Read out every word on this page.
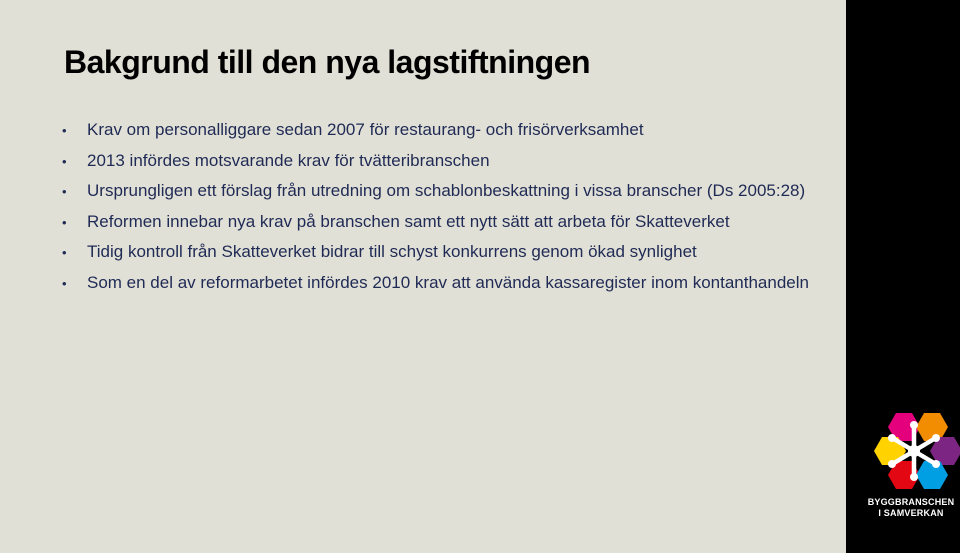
Bakgrund till den nya lagstiftningen
• Krav om personalliggare sedan 2007 för restaurang- och frisörverksamhet
• 2013 infördes motsvarande krav för tvätteribranschen
• Ursprungligen ett förslag från utredning om schablonbeskattning i vissa branscher (Ds 2005:28)
• Reformen innebar nya krav på branschen samt ett nytt sätt att arbeta för Skatteverket
• Tidig kontroll från Skatteverket bidrar till schyst konkurrens genom ökad synlighet
• Som en del av reformarbetet infördes 2010 krav att använda kassaregister inom kontanthandeln
BYGGBRANSCHEN
I SAMVERKAN
